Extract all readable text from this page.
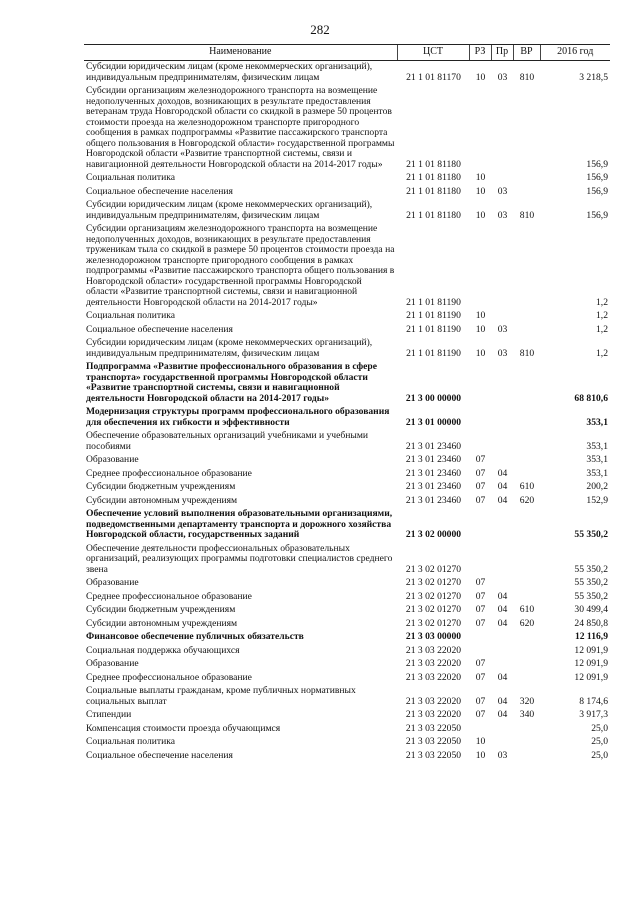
282
Наименование	ЦСТ	РЗ	Пр	ВР	2016 год
Субсидии юридическим лицам (кроме некоммерческих организаций), индивидуальным предпринимателям, физическим лицам	21 1 01 81170	10	03	810	3 218,5
Субсидии организациям железнодорожного транспорта на возмещение недополученных доходов, возникающих в результате предоставления ветеранам труда Новгородской области со скидкой в размере 50 процентов стоимости проезда на железнодорожном транспорте пригородного сообщения в рамках подпрограммы «Развитие пассажирского транспорта общего пользования в Новгородской области» государственной программы Новгородской области «Развитие транспортной системы, связи и навигационной деятельности Новгородской области на 2014-2017 годы»	21 1 01 81180				156,9
Социальная политика	21 1 01 81180	10			156,9
Социальное обеспечение населения	21 1 01 81180	10	03		156,9
Субсидии юридическим лицам (кроме некоммерческих организаций), индивидуальным предпринимателям, физическим лицам	21 1 01 81180	10	03	810	156,9
Субсидии организациям железнодорожного транспорта на возмещение недополученных доходов, возникающих в результате предоставления труженикам тыла со скидкой в размере 50 процентов стоимости проезда на железнодорожном транспорте пригородного сообщения в рамках подпрограммы «Развитие пассажирского транспорта общего пользования в Новгородской области» государственной программы Новгородской области «Развитие транспортной системы, связи и навигационной деятельности Новгородской области на 2014-2017 годы»	21 1 01 81190				1,2
Социальная политика	21 1 01 81190	10			1,2
Социальное обеспечение населения	21 1 01 81190	10	03		1,2
Субсидии юридическим лицам (кроме некоммерческих организаций), индивидуальным предпринимателям, физическим лицам	21 1 01 81190	10	03	810	1,2
Подпрограмма «Развитие профессионального образования в сфере транспорта» государственной программы Новгородской области «Развитие транспортной системы, связи и навигационной деятельности Новгородской области на 2014-2017 годы»	21 3 00 00000				68 810,6
Модернизация структуры программ профессионального образования для обеспечения их гибкости и эффективности	21 3 01 00000				353,1
Обеспечение образовательных организаций учебниками и учебными пособиями	21 3 01 23460				353,1
Образование	21 3 01 23460	07			353,1
Среднее профессиональное образование	21 3 01 23460	07	04		353,1
Субсидии бюджетным учреждениям	21 3 01 23460	07	04	610	200,2
Субсидии автономным учреждениям	21 3 01 23460	07	04	620	152,9
Обеспечение условий выполнения образовательными организациями, подведомственными департаменту транспорта и дорожного хозяйства Новгородской области, государственных заданий	21 3 02 00000				55 350,2
Обеспечение деятельности профессиональных образовательных организаций, реализующих программы подготовки специалистов среднего звена	21 3 02 01270				55 350,2
Образование	21 3 02 01270	07			55 350,2
Среднее профессиональное образование	21 3 02 01270	07	04		55 350,2
Субсидии бюджетным учреждениям	21 3 02 01270	07	04	610	30 499,4
Субсидии автономным учреждениям	21 3 02 01270	07	04	620	24 850,8
Финансовое обеспечение публичных обязательств	21 3 03 00000				12 116,9
Социальная поддержка обучающихся	21 3 03 22020				12 091,9
Образование	21 3 03 22020	07			12 091,9
Среднее профессиональное образование	21 3 03 22020	07	04		12 091,9
Социальные выплаты гражданам, кроме публичных нормативных социальных выплат	21 3 03 22020	07	04	320	8 174,6
Стипендии	21 3 03 22020	07	04	340	3 917,3
Компенсация стоимости проезда обучающимся	21 3 03 22050				25,0
Социальная политика	21 3 03 22050	10			25,0
Социальное обеспечение населения	21 3 03 22050	10	03		25,0
